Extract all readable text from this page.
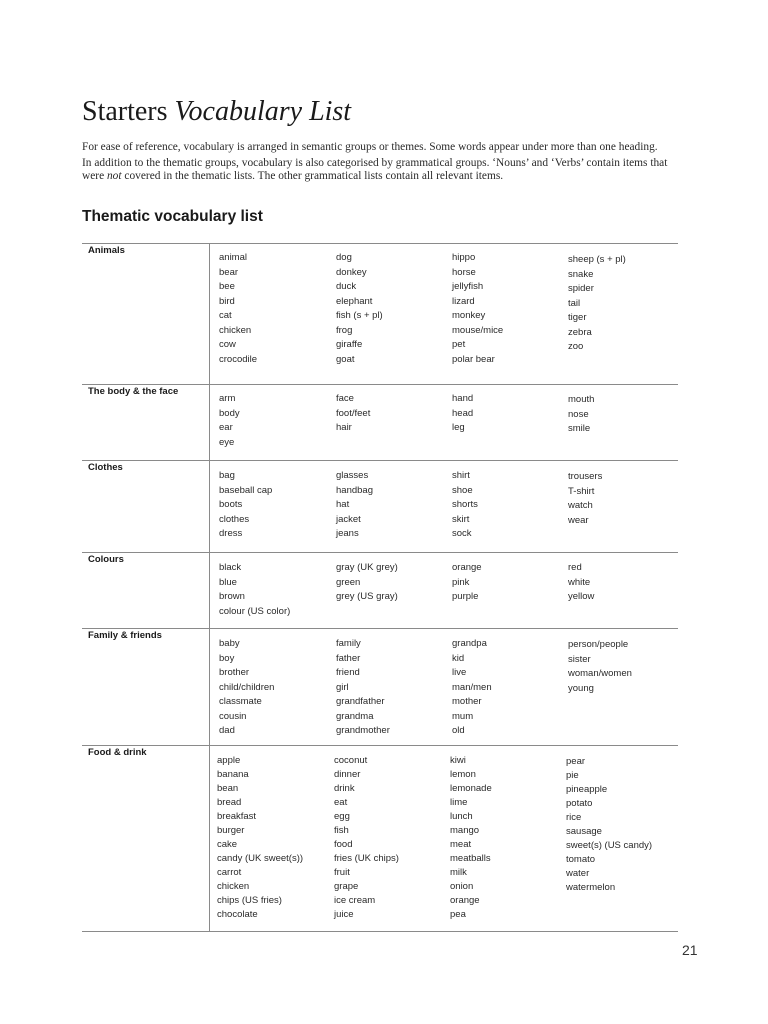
Starters Vocabulary List

For ease of reference, vocabulary is arranged in semantic groups or themes. Some words appear under more than one heading.

In addition to the thematic groups, vocabulary is also categorised by grammatical groups. ‘Nouns’ and ‘Verbs’ contain items that were not covered in the thematic lists. The other grammatical lists contain all relevant items.

Thematic vocabulary list
Animals
animal
bear
bee
bird
cat
chicken
cow
crocodile
dog
donkey
duck
elephant
fish (s + pl)
frog
giraffe
goat
hippo
horse
jellyfish
lizard
monkey
mouse/mice
pet
polar bear
sheep (s + pl)
snake
spider
tail
tiger
zebra
zoo
The body & the face
arm
body
ear
eye
face
foot/feet
hair
hand
head
leg
mouth
nose
smile
Clothes
bag
baseball cap
boots
clothes
dress
glasses
handbag
hat
jacket
jeans
shirt
shoe
shorts
skirt
sock
trousers
T-shirt
watch
wear
Colours
black
blue
brown
colour (US color)
gray (UK grey)
green
grey (US gray)
orange
pink
purple
red
white
yellow
Family & friends
baby
boy
brother
child/children
classmate
cousin
dad
family
father
friend
girl
grandfather
grandma
grandmother
grandpa
kid
live
man/men
mother
mum
old
person/people
sister
woman/women
young
Food & drink
apple
banana
bean
bread
breakfast
burger
cake
candy (UK sweet(s))
carrot
chicken
chips (US fries)
chocolate
coconut
dinner
drink
eat
egg
fish
food
fries (UK chips)
fruit
grape
ice cream
juice
kiwi
lemon
lemonade
lime
lunch
mango
meat
meatballs
milk
onion
orange
pea
pear
pie
pineapple
potato
rice
sausage
sweet(s) (US candy)
tomato
water
watermelon
21
